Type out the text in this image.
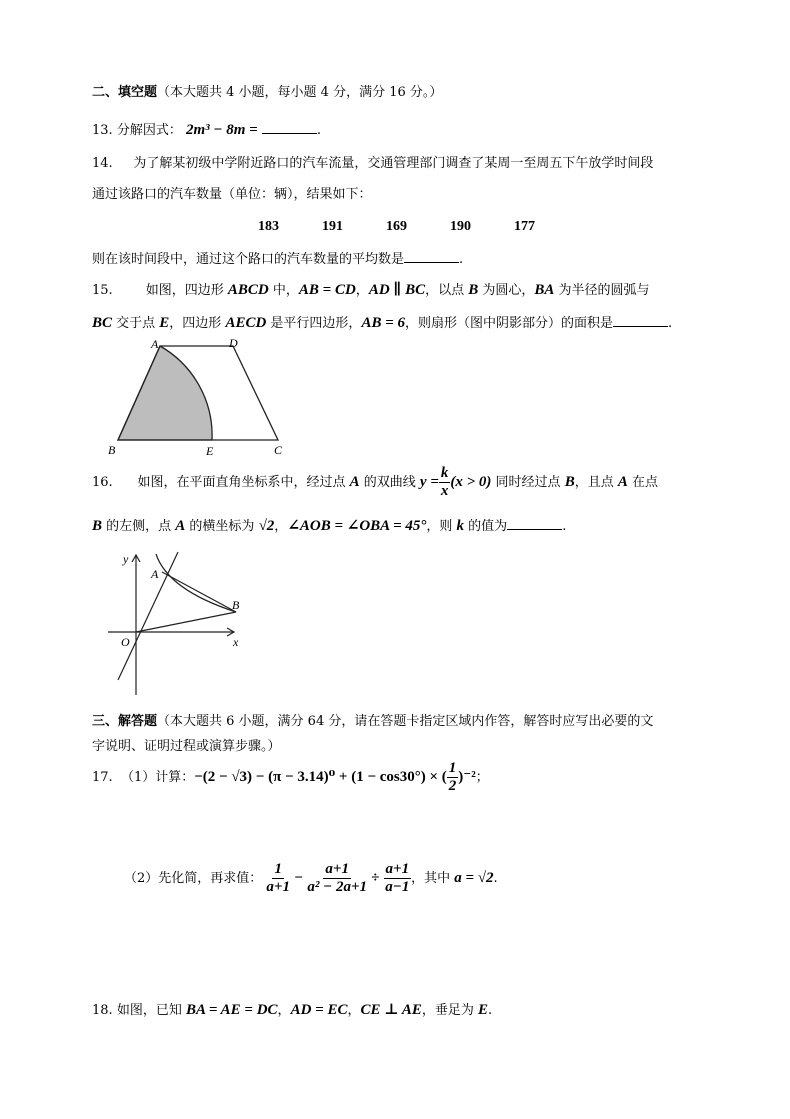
二、填空题（本大题共 4 小题，每小题 4 分，满分 16 分。）
13. 分解因式： 2m³ − 8m =	.
14. 为了解某初级中学附近路口的汽车流量，交通管理部门调查了某周一至周五下午放学时间段
通过该路口的汽车数量（单位：辆），结果如下：
183	191	169	190	177
则在该时间段中，通过这个路口的汽车数量的平均数是	.
15.	如图，四边形 ABCD 中，AB = CD，AD ∥ BC，以点 B 为圆心，BA 为半径的圆弧与
BC 交于点 E，四边形 AECD 是平行四边形，AB = 6，则扇形（图中阴影部分）的面积是	.
A	D
B	E	C
y
A
B
O	x
16. 如图，在平面直角坐标系中，经过点 A 的双曲线 $y = \frac{k}{x} (x > 0)$ 同时经过点 B，且点 A 在点
B 的左侧，点 A 的横坐标为 √2，∠AOB = ∠OBA = 45°，则 k 的值为	.
三、解答题（本大题共 6 小题，满分 64 分，请在答题卡指定区域内作答，解答时应写出必要的文
字说明、证明过程或演算步骤。）
17. （1）计算：−(2 − √3) − (π − 3.14)⁰ + (1 − cos30°) × ( $\frac{1}{2} )^{-2}$；
（2）先化简，再求值： $\frac{1}{a+1} - \frac{a+1}{\text{a² − 2a+1}} \div \frac{a+1}{a-1}$ ，其中 a = √2.
18. 如图，已知 BA = AE = DC，AD = EC，CE ⊥ AE，垂足为 E.
